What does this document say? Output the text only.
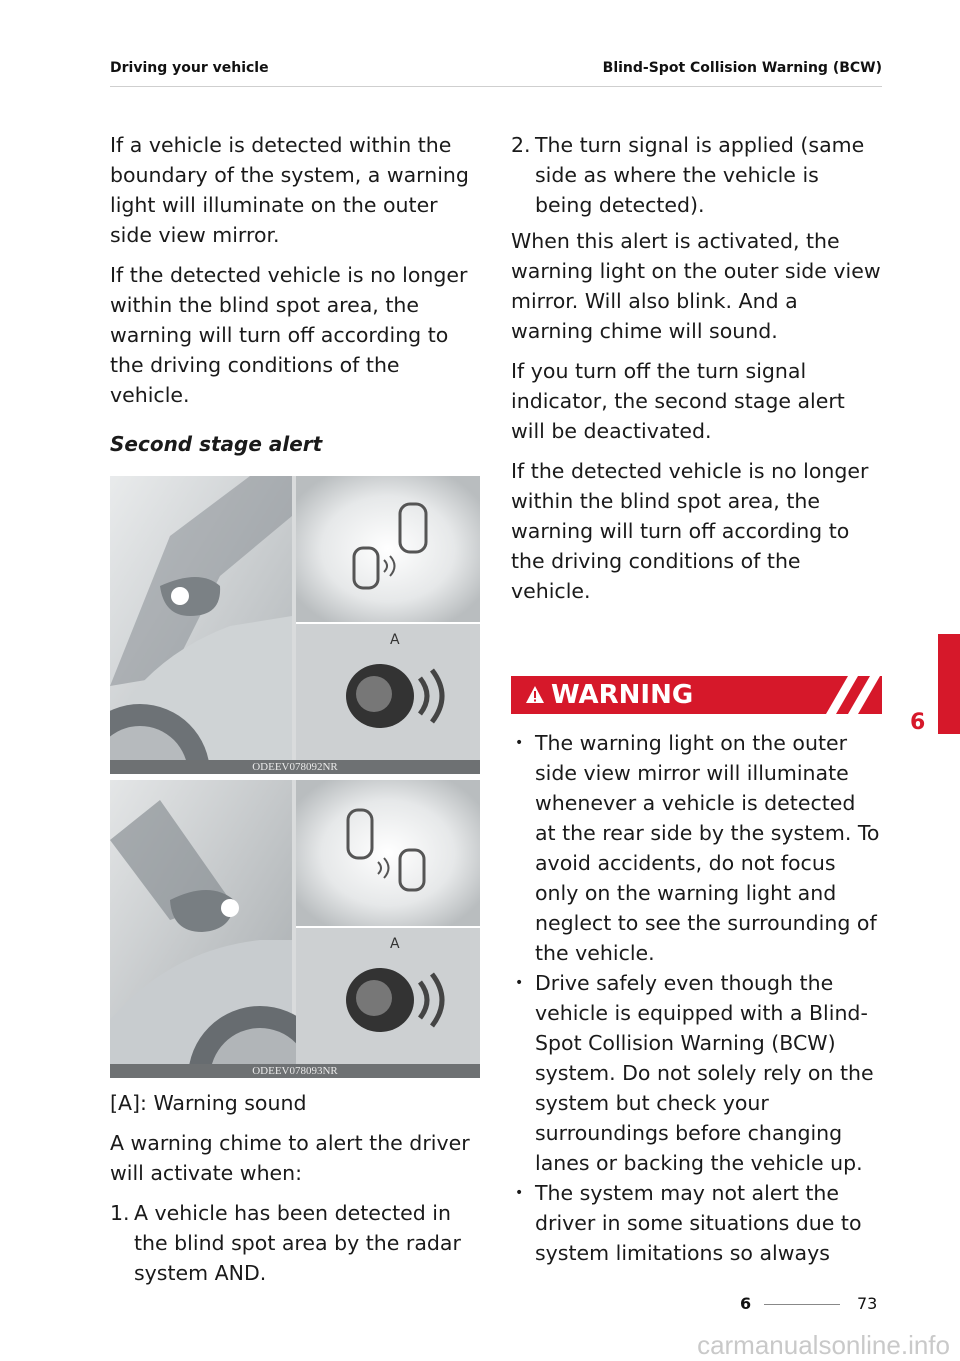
Driving your vehicle	Blind-Spot Collision Warning (BCW)

If a vehicle is detected within the boundary of the system, a warning light will illuminate on the outer side view mirror.

If the detected vehicle is no longer within the blind spot area, the warning will turn off according to the driving conditions of the vehicle.

Second stage alert
A
ODEEV078092NR
A
ODEEV078093NR

[A]: Warning sound

A warning chime to alert the driver will activate when:

1. A vehicle has been detected in the blind spot area by the radar system AND.
2. The turn signal is applied (same side as where the vehicle is being detected).

When this alert is activated, the warning light on the outer side view mirror. Will also blink. And a warning chime will sound.

If you turn off the turn signal indicator, the second stage alert will be deactivated.

If the detected vehicle is no longer within the blind spot area, the warning will turn off according to the driving conditions of the vehicle.

WARNING
• The warning light on the outer side view mirror will illuminate whenever a vehicle is detected at the rear side by the system. To avoid accidents, do not focus only on the warning light and neglect to see the surrounding of the vehicle.
• Drive safely even though the vehicle is equipped with a Blind-Spot Collision Warning (BCW) system. Do not solely rely on the system but check your surroundings before changing lanes or backing the vehicle up.
• The system may not alert the driver in some situations due to system limitations so always
6
6	73
carmanualsonline.info
